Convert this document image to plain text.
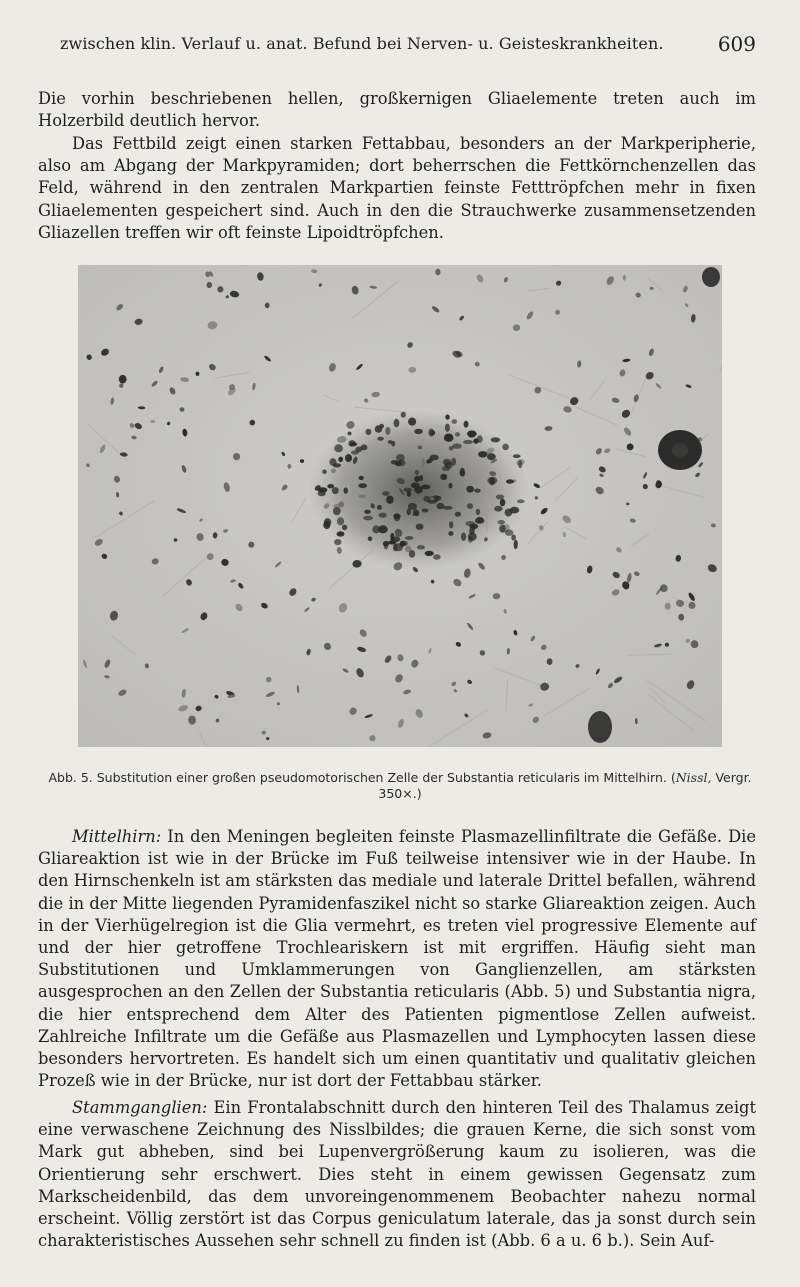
zwischen klin. Verlauf u. anat. Befund bei Nerven- u. Geisteskrankheiten.	609

Die vorhin beschriebenen hellen, großkernigen Gliaelemente treten auch im Holzerbild deutlich hervor.

Das Fettbild zeigt einen starken Fettabbau, besonders an der Markperipherie, also am Abgang der Markpyramiden; dort beherrschen die Fettkörnchenzellen das Feld, während in den zentralen Markpartien feinste Fetttröpfchen mehr in fixen Gliaelementen gespeichert sind. Auch in den die Strauchwerke zusammensetzenden Gliazellen treffen wir oft feinste Lipoidtröpfchen.

Abb. 5. Substitution einer großen pseudomotorischen Zelle der Substantia reticularis im Mittelhirn. (Nissl, Vergr. 350×.)

Mittelhirn: In den Meningen begleiten feinste Plasmazellinfiltrate die Gefäße. Die Gliareaktion ist wie in der Brücke im Fuß teilweise intensiver wie in der Haube. In den Hirnschenkeln ist am stärksten das mediale und laterale Drittel befallen, während die in der Mitte liegenden Pyramidenfaszikel nicht so starke Gliareaktion zeigen. Auch in der Vierhügelregion ist die Glia vermehrt, es treten viel progressive Elemente auf und der hier getroffene Trochleariskern ist mit ergriffen. Häufig sieht man Substitutionen und Umklammerungen von Ganglienzellen, am stärksten ausgesprochen an den Zellen der Substantia reticularis (Abb. 5) und Substantia nigra, die hier entsprechend dem Alter des Patienten pigmentlose Zellen aufweist. Zahlreiche Infiltrate um die Gefäße aus Plasmazellen und Lymphocyten lassen diese besonders hervortreten. Es handelt sich um einen quantitativ und qualitativ gleichen Prozeß wie in der Brücke, nur ist dort der Fettabbau stärker.

Stammganglien: Ein Frontalabschnitt durch den hinteren Teil des Thalamus zeigt eine verwaschene Zeichnung des Nisslbildes; die grauen Kerne, die sich sonst vom Mark gut abheben, sind bei Lupenvergrößerung kaum zu isolieren, was die Orientierung sehr erschwert. Dies steht in einem gewissen Gegensatz zum Markscheidenbild, das dem unvoreingenommenem Beobachter nahezu normal erscheint. Völlig zerstört ist das Corpus geniculatum laterale, das ja sonst durch sein charakteristisches Aussehen sehr schnell zu finden ist (Abb. 6 a u. 6 b.). Sein Auf-
